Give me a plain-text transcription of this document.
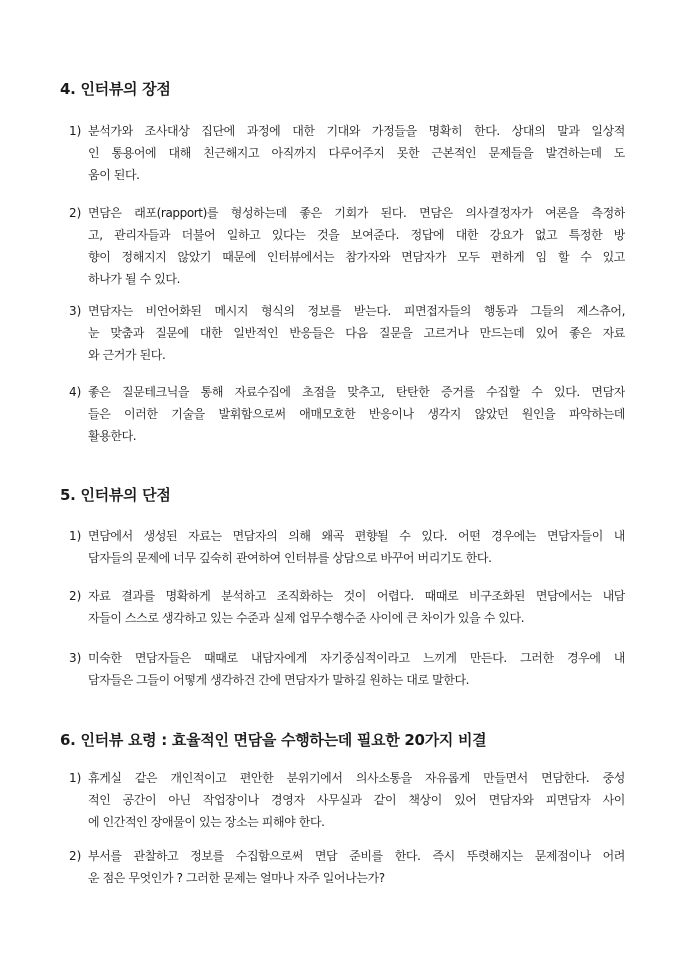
4. 인터뷰의 장점
1) 분석가와 조사대상 집단에 과정에 대한 기대와 가정들을 명확히 한다. 상대의 말과 일상적
인 통용어에 대해 친근해지고 아직까지 다루어주지 못한 근본적인 문제들을 발견하는데 도
움이 된다.
2) 면담은 래포(rapport)를 형성하는데 좋은 기회가 된다. 면담은 의사결정자가 여론을 측정하
고, 관리자들과 더불어 일하고 있다는 것을 보여준다. 정답에 대한 강요가 없고 특정한 방
향이 정해지지 않았기 때문에 인터뷰에서는 참가자와 면담자가 모두 편하게 임 할 수 있고
하나가 될 수 있다.
3) 면담자는 비언어화된 메시지 형식의 정보를 받는다. 피면접자들의 행동과 그들의 제스츄어,
눈 맞춤과 질문에 대한 일반적인 반응들은 다음 질문을 고르거나 만드는데 있어 좋은 자료
와 근거가 된다.
4) 좋은 질문테크닉을 통해 자료수집에 초점을 맞추고, 탄탄한 증거를 수집할 수 있다. 면담자
들은 이러한 기술을 발휘함으로써 애매모호한 반응이나 생각지 않았던 원인을 파악하는데
활용한다.
5. 인터뷰의 단점
1) 면담에서 생성된 자료는 면담자의 의해 왜곡 편향될 수 있다. 어떤 경우에는 면담자들이 내
담자들의 문제에 너무 깊숙히 관여하여 인터뷰를 상담으로 바꾸어 버리기도 한다.
2) 자료 결과를 명확하게 분석하고 조직화하는 것이 어렵다. 때때로 비구조화된 면담에서는 내담
자들이 스스로 생각하고 있는 수준과 실제 업무수행수준 사이에 큰 차이가 있을 수 있다.
3) 미숙한 면담자들은 때때로 내담자에게 자기중심적이라고 느끼게 만든다. 그러한 경우에 내
담자들은 그들이 어떻게 생각하건 간에 면담자가 말하길 원하는 대로 말한다.
6. 인터뷰 요령 : 효율적인 면담을 수행하는데 필요한 20가지 비결
1) 휴게실 같은 개인적이고 편안한 분위기에서 의사소통을 자유롭게 만들면서 면담한다. 중성
적인 공간이 아닌 작업장이나 경영자 사무실과 같이 책상이 있어 면담자와 피면담자 사이
에 인간적인 장애물이 있는 장소는 피해야 한다.
2) 부서를 관찰하고 정보를 수집함으로써 면담 준비를 한다. 즉시 뚜렷해지는 문제점이나 어려
운 점은 무엇인가 ? 그러한 문제는 얼마나 자주 일어나는가?
